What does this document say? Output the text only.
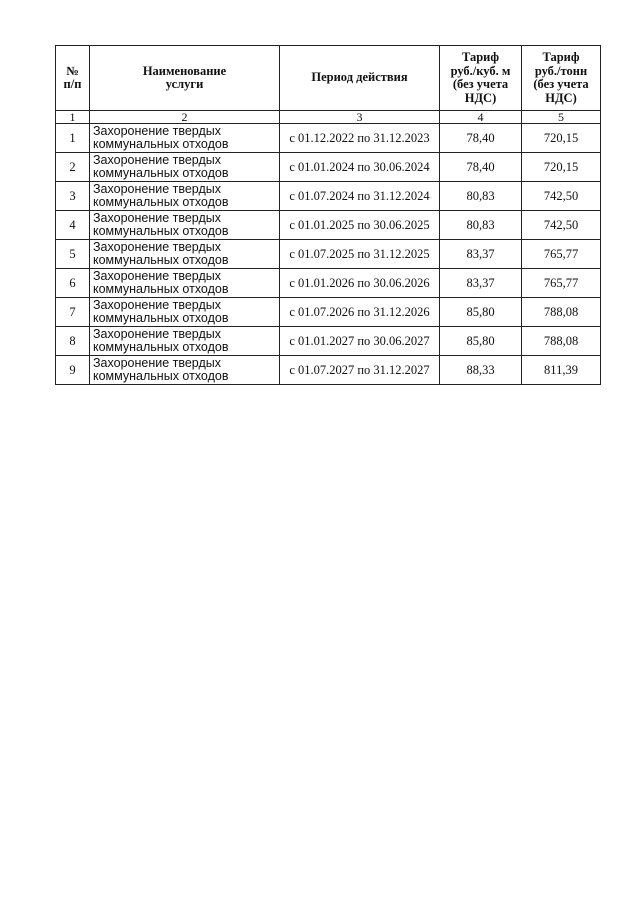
№
п/п	Наименование
услуги	Период действия	Тариф
руб./куб. м
(без учета
НДС)	Тариф
руб./тонн
(без учета
НДС)

1	2	3	4	5
1	Захоронение твердых
коммунальных отходов	с 01.12.2022 по 31.12.2023	78,40	720,15
2	Захоронение твердых
коммунальных отходов	с 01.01.2024 по 30.06.2024	78,40	720,15
3	Захоронение твердых
коммунальных отходов	с 01.07.2024 по 31.12.2024	80,83	742,50
4	Захоронение твердых
коммунальных отходов	с 01.01.2025 по 30.06.2025	80,83	742,50
5	Захоронение твердых
коммунальных отходов	с 01.07.2025 по 31.12.2025	83,37	765,77
6	Захоронение твердых
коммунальных отходов	с 01.01.2026 по 30.06.2026	83,37	765,77
7	Захоронение твердых
коммунальных отходов	с 01.07.2026 по 31.12.2026	85,80	788,08
8	Захоронение твердых
коммунальных отходов	с 01.01.2027 по 30.06.2027	85,80	788,08
9	Захоронение твердых
коммунальных отходов	с 01.07.2027 по 31.12.2027	88,33	811,39
